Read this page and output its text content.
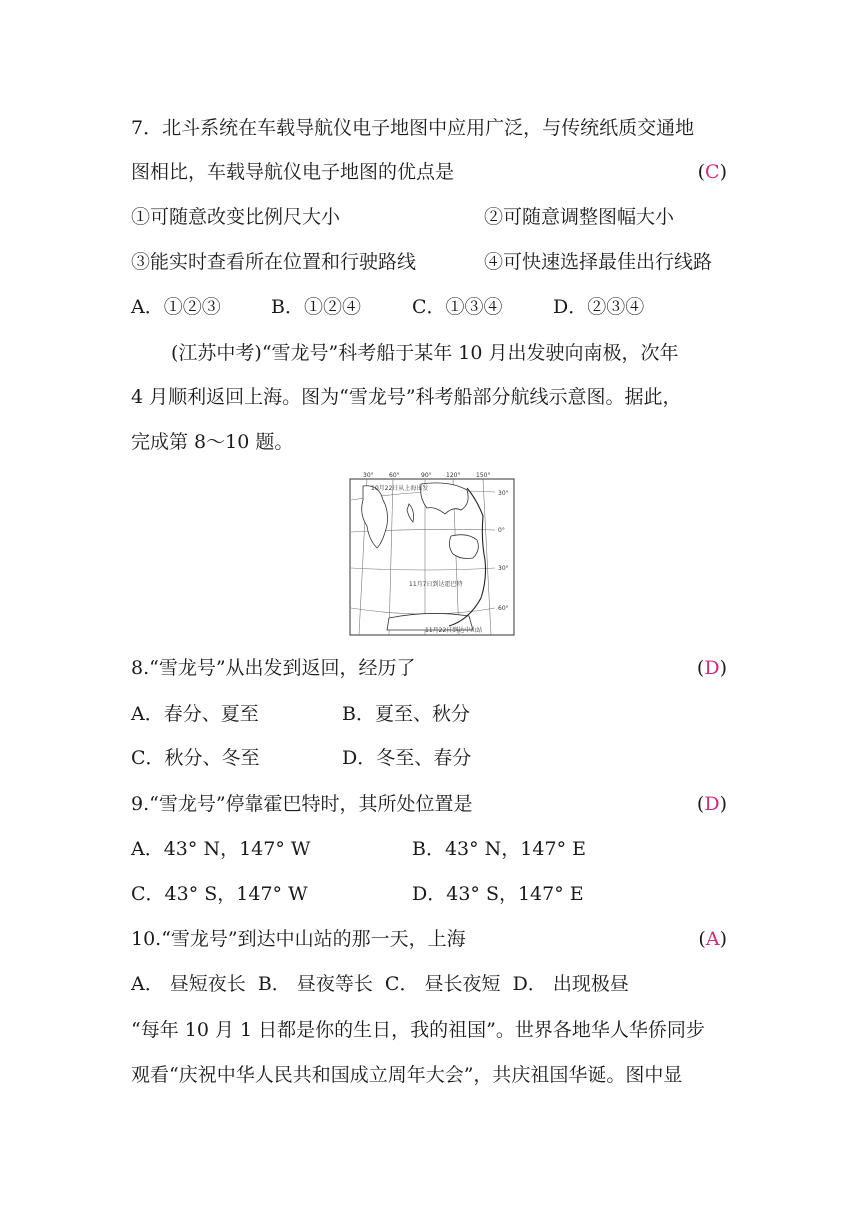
7．北斗系统在车载导航仪电子地图中应用广泛，与传统纸质交通地
图相比，车载导航仪电子地图的优点是	(C)
①可随意改变比例尺大小	②可随意调整图幅大小
③能实时查看所在位置和行驶路线	④可快速选择最佳出行线路
A．①②③	B．①②④	C．①③④	D．②③④
(江苏中考)“雪龙号”科考船于某年 10 月出发驶向南极，次年
4 月顺利返回上海。图为“雪龙号”科考船部分航线示意图。据此，
完成第 8～10 题。
30°	60°	90° 120°	150°
30°
0°
30°
60°
10月22日从上海出发
11月7日到达霍巴特
11月22日到达中山站
8.“雪龙号”从出发到返回，经历了	(D)
A．春分、夏至	B．夏至、秋分
C．秋分、冬至	D．冬至、春分
9.“雪龙号”停靠霍巴特时，其所处位置是	(D)
A．43° N，147° W	B．43° N，147° E
C．43° S，147° W	D．43° S，147° E
10.“雪龙号”到达中山站的那一天，上海	(A)
A． 昼短夜长  B． 昼夜等长  C． 昼长夜短  D． 出现极昼
“每年 10 月 1 日都是你的生日，我的祖国”。世界各地华人华侨同步
观看“庆祝中华人民共和国成立周年大会”，共庆祖国华诞。图中显
